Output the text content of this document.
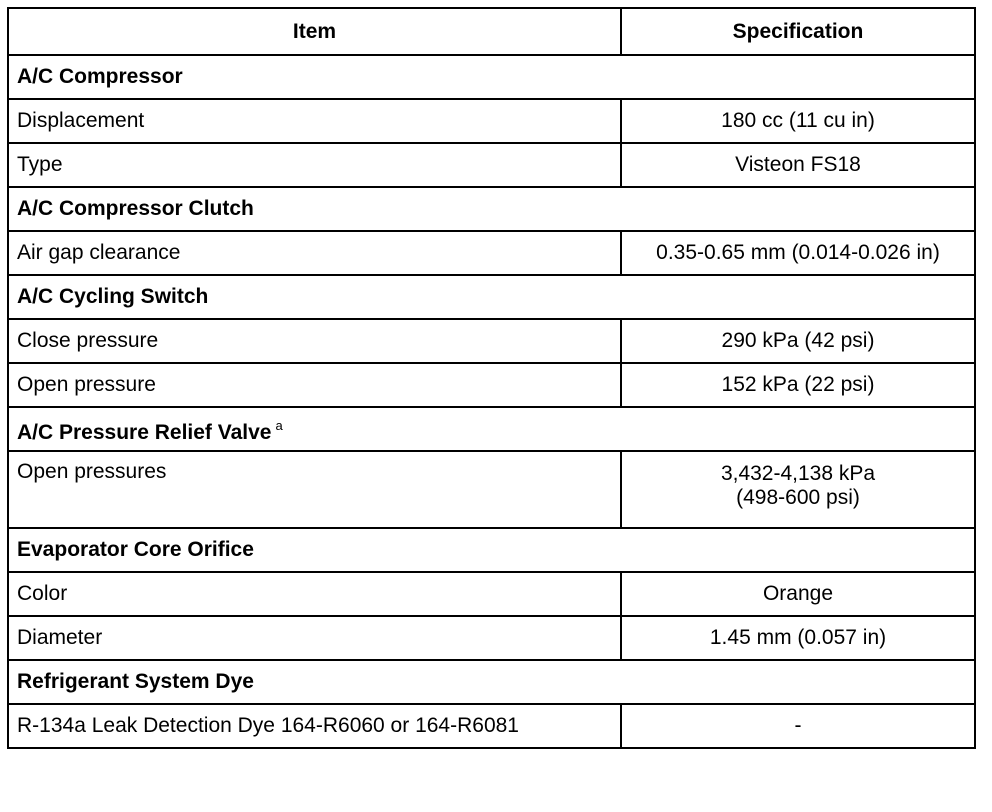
Item	Specification
A/C Compressor	
Displacement	180 cc (11 cu in)
Type	Visteon FS18
A/C Compressor Clutch	
Air gap clearance	0.35-0.65 mm (0.014-0.026 in)
A/C Cycling Switch	
Close pressure	290 kPa (42 psi)
Open pressure	152 kPa (22 psi)
A/C Pressure Relief Valve $^a$
Open pressures	3,432-4,138 kPa
(498-600 psi)

Evaporator Core Orifice	
Color	Orange
Diameter	1.45 mm (0.057 in)
Refrigerant System Dye	
R-134a Leak Detection Dye 164-R6060 or 164-R6081	-
